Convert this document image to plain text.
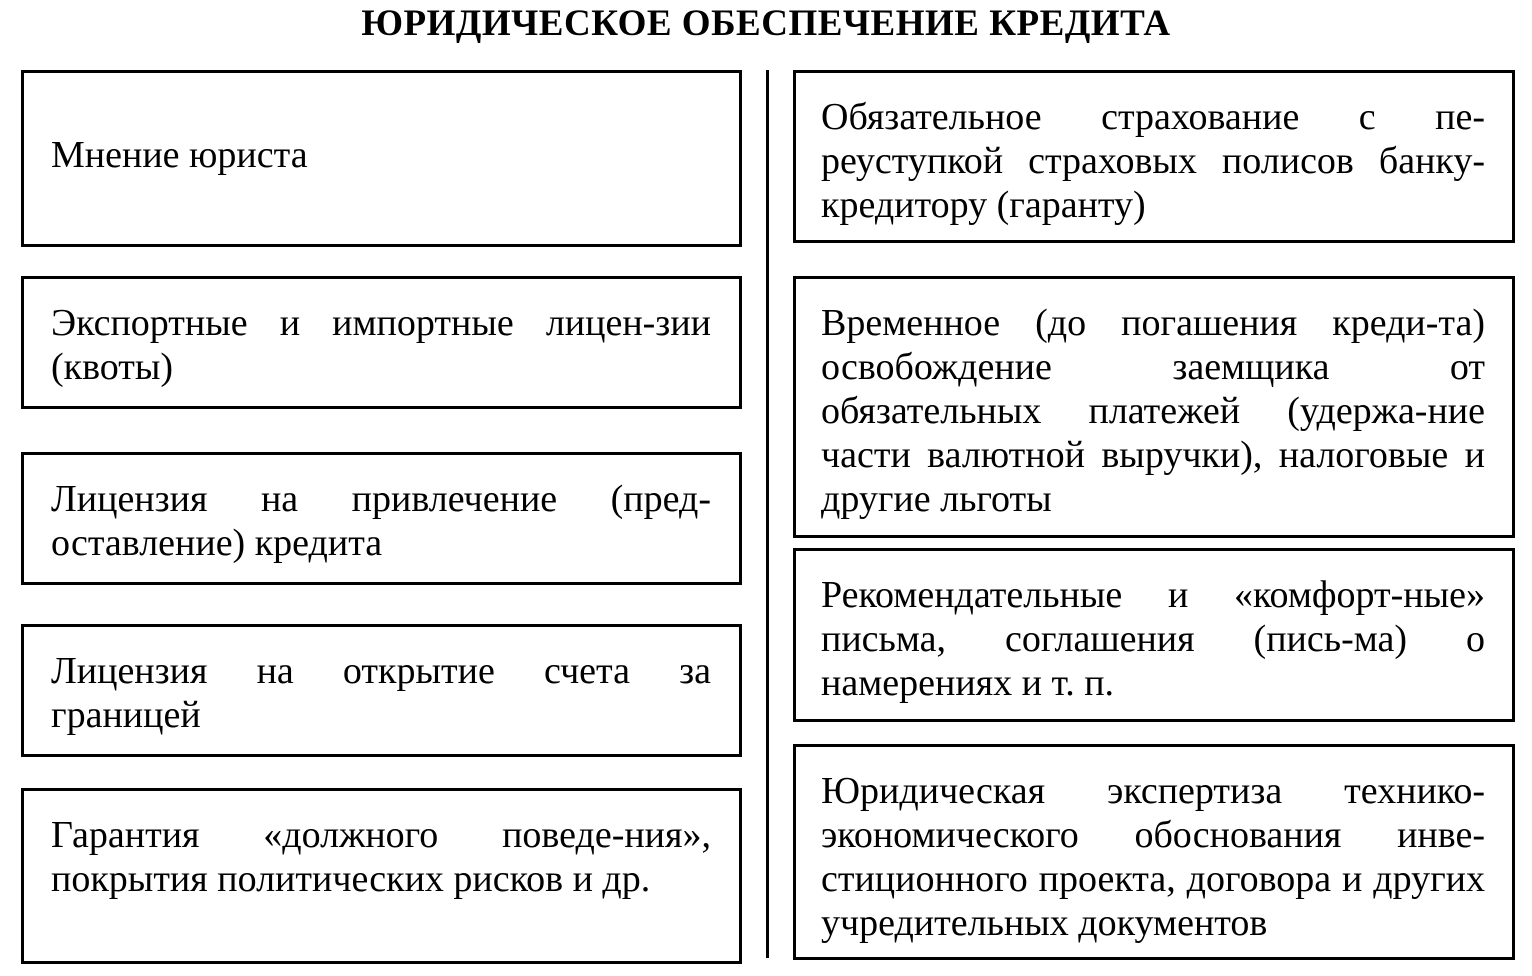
ЮРИДИЧЕСКОЕ ОБЕСПЕЧЕНИЕ КРЕДИТА
Мнение юриста
Экспортные и импортные лицен-зии (квоты)
Лицензия на привлечение (пред-оставление) кредита
Лицензия на открытие счета за границей
Гарантия «должного поведе-ния», покрытия политических рисков и др.
Обязательное страхование с пе-реуступкой страховых полисов банку-кредитору (гаранту)
Временное (до погашения креди-та) освобождение заемщика от обязательных платежей (удержа-ние части валютной выручки), налоговые и другие льготы
Рекомендательные и «комфорт-ные» письма, соглашения (пись-ма) о намерениях и т. п.
Юридическая экспертиза технико-экономического обоснования инве-стиционного проекта, договора и других учредительных документов
